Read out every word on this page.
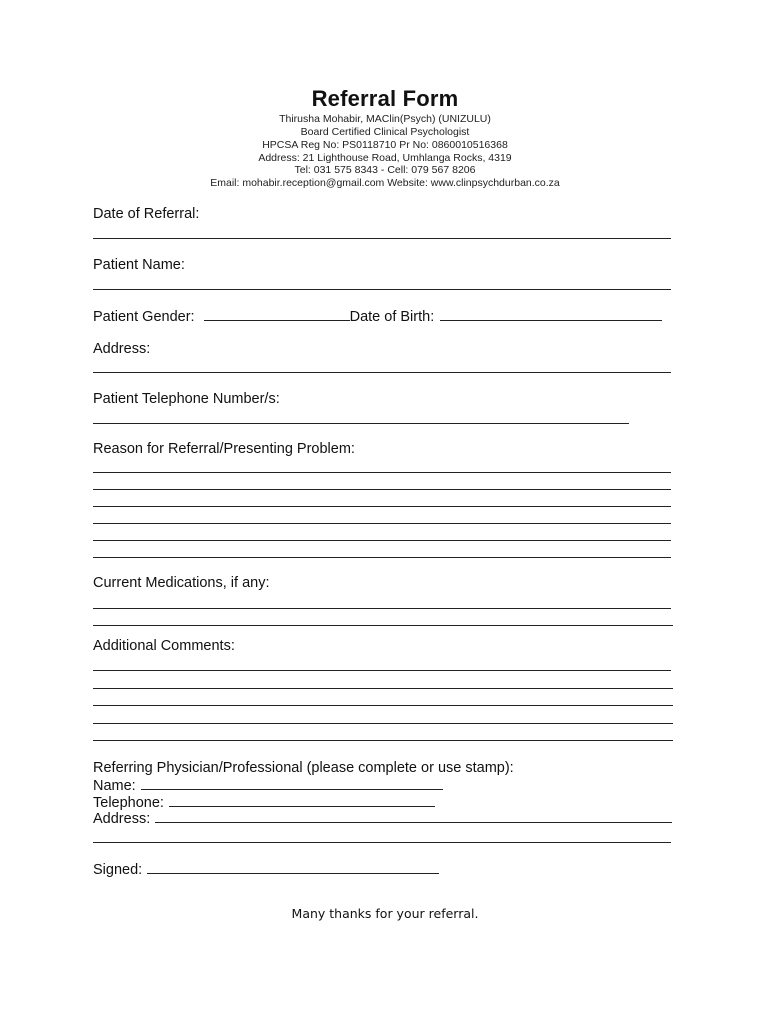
Referral Form
Thirusha Mohabir, MAClin(Psych) (UNIZULU)
Board Certified Clinical Psychologist
HPCSA Reg No: PS0118710 Pr No: 0860010516368
Address: 21 Lighthouse Road, Umhlanga Rocks, 4319
Tel: 031 575 8343 - Cell: 079 567 8206
Email: mohabir.reception@gmail.com Website: www.clinpsychdurban.co.za
Date of Referral:
Patient Name:
Patient Gender:	Date of Birth:
Address:
Patient Telephone Number/s:
Reason for Referral/Presenting Problem:
Current Medications, if any:
Additional Comments:
Referring Physician/Professional (please complete or use stamp):
Name:
Telephone:
Address:
Signed:
Many thanks for your referral.
